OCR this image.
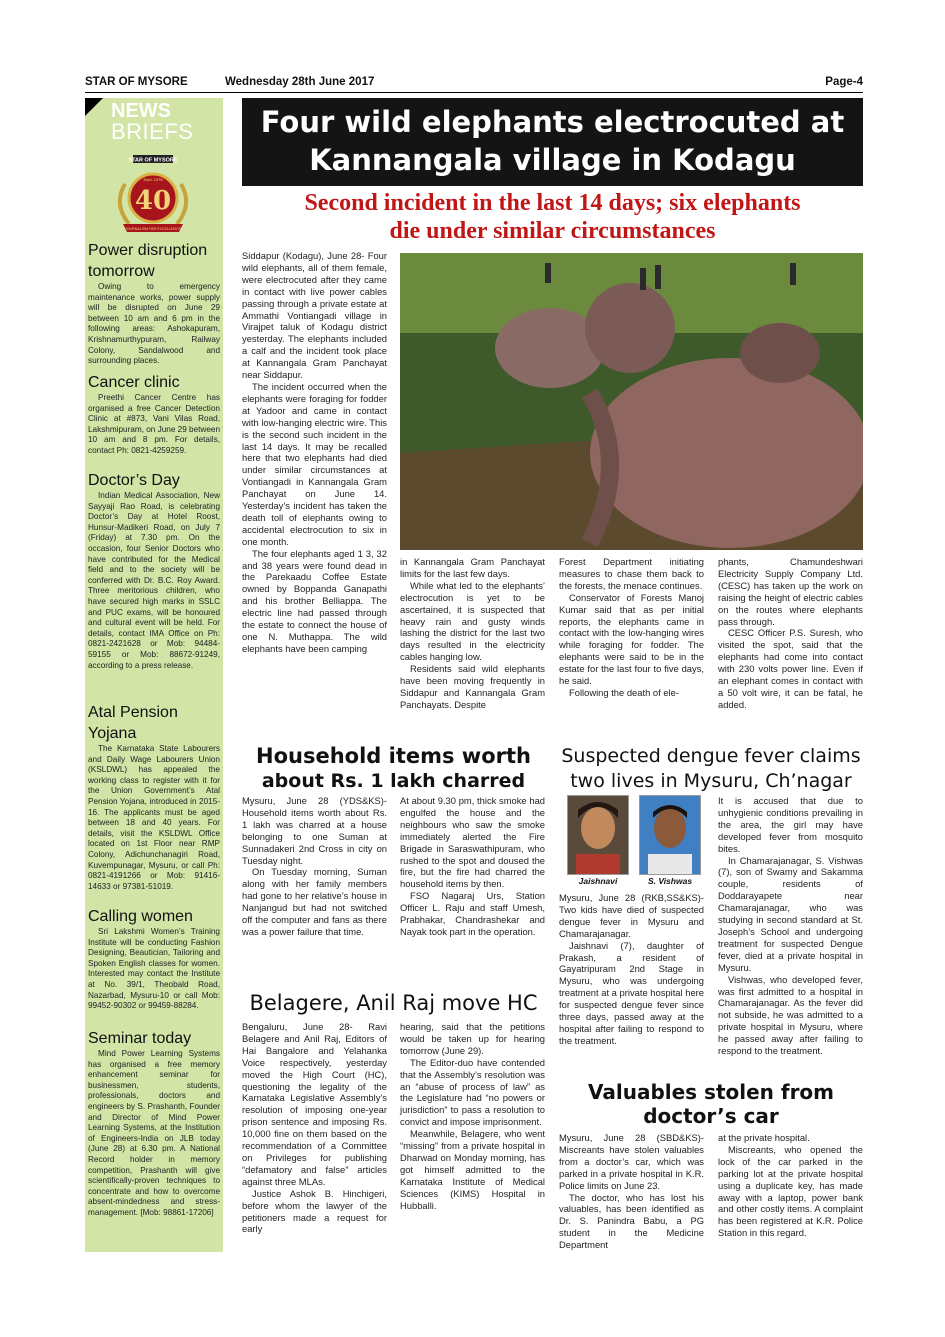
STAR OF MYSORE	Wednesday 28th June 2017	Page-4
NEWS
BRIEFS
STAR OF MYSORE
Estd. 1978
40
JOURNALISM PAR EXCELLENCE
Power disruption tomorrow

Owing to emergency maintenance works, power supply will be disrupted on June 29 between 10 am and 6 pm in the following areas: Ashokapuram, Krishnamurthypuram, Railway Colony, Sandalwood and surrounding places.

Cancer clinic

Preethi Cancer Centre has organised a free Cancer Detection Clinic at #873, Vani Vilas Road, Lakshmipuram, on June 29 between 10 am and 8 pm. For details, contact Ph: 0821-4259259.

Doctor’s Day

Indian Medical Association, New Sayyaji Rao Road, is celebrating Doctor’s Day at Hotel Roost, Hunsur-Madikeri Road, on July 7 (Friday) at 7.30 pm. On the occasion, four Senior Doctors who have contributed for the Medical field and to the society will be conferred with Dr. B.C. Roy Award. Three meritorious children, who have secured high marks in SSLC and PUC exams, will be honoured and cultural event will be held. For details, contact IMA Office on Ph: 0821-2421628 or Mob: 94484-59155 or Mob: 88672-91249, according to a press release.

Atal Pension Yojana

The Karnataka State Labourers and Daily Wage Labourers Union (KSLDWL) has appealed the working class to register with it for the Union Government’s Atal Pension Yojana, introduced in 2015-16. The applicants must be aged between 18 and 40 years. For details, visit the KSLDWL Office located on 1st Floor near RMP Colony, Adichunchanagiri Road, Kuvempunagar, Mysuru, or call Ph: 0821-4191266 or Mob: 91416-14633 or 97381-51019.

Calling women

Sri Lakshmi Women’s Training Institute will be conducting Fashion Designing, Beautician, Tailoring and Spoken English classes for women. Interested may contact the Institute at No. 39/1, Theobald Road, Nazarbad, Mysuru-10 or call Mob: 99452-90302 or 99459-88284.

Seminar today

Mind Power Learning Systems has organised a free memory enhancement seminar for businessmen, students, professionals, doctors and engineers by S. Prashanth, Founder and Director of Mind Power Learning Systems, at the Institution of Engineers-India on JLB today (June 28) at 6.30 pm. A National Record holder in memory competition, Prashanth will give scientifically-proven techniques to concentrate and how to overcome absent-mindedness and stress-management. [Mob: 98861-17206]

Four wild elephants electrocuted at
Kannangala village in Kodagu
Second incident in the last 14 days; six elephants
die under similar circumstances

Siddapur (Kodagu), June 28- Four wild elephants, all of them female, were electrocuted after they came in contact with live power cables passing through a private estate at Ammathi Vontiangadi village in Virajpet taluk of Kodagu district yesterday. The elephants included a calf and the incident took place at Kannangala Gram Panchayat near Siddapur.

The incident occurred when the elephants were foraging for fodder at Yadoor and came in contact with low-hanging electric wire. This is the second such incident in the last 14 days. It may be recalled here that two elephants had died under similar circumstances at Vontiangadi in Kannangala Gram Panchayat on June 14. Yesterday’s incident has taken the death toll of elephants owing to accidental electrocution to six in one month.

The four elephants aged 1 3, 32 and 38 years were found dead in the Parekaadu Coffee Estate owned by Boppanda Ganapathi and his brother Belliappa. The electric line had passed through the estate to connect the house of one N. Muthappa. The wild elephants have been camping

in Kannangala Gram Panchayat limits for the last few days.

While what led to the elephants’ electrocution is yet to be ascertained, it is suspected that heavy rain and gusty winds lashing the district for the last two days resulted in the electricity cables hanging low.

Residents said wild elephants have been moving frequently in Siddapur and Kannangala Gram Panchayats. Despite

Forest Department initiating measures to chase them back to the forests, the menace continues.

Conservator of Forests Manoj Kumar said that as per initial reports, the elephants came in contact with the low-hanging wires while foraging for fodder. The elephants were said to be in the estate for the last four to five days, he said.

Following the death of ele-

phants, Chamundeshwari Electricity Supply Company Ltd. (CESC) has taken up the work on raising the height of electric cables on the routes where elephants pass through.

CESC Officer P.S. Suresh, who visited the spot, said that the elephants had come into contact with 230 volts power line. Even if an elephant comes in contact with a 50 volt wire, it can be fatal, he added.

Household items worth
about Rs. 1 lakh charred

Mysuru, June 28 (YDS&KS)- Household items worth about Rs. 1 lakh was charred at a house belonging to one Suman at Sunnadakeri 2nd Cross in city on Tuesday night.

On Tuesday morning, Suman along with her family members had gone to her relative’s house in Nanjangud but had not switched off the computer and fans as there was a power failure that time.

At about 9.30 pm, thick smoke had engulfed the house and the neighbours who saw the smoke immediately alerted the Fire Brigade in Saraswathipuram, who rushed to the spot and doused the fire, but the fire had charred the household items by then.

FSO Nagaraj Urs, Station Officer L. Raju and staff Umesh, Prabhakar, Chandrashekar and Nayak took part in the operation.

Belagere, Anil Raj move HC

Bengaluru, June 28- Ravi Belagere and Anil Raj, Editors of Hai Bangalore and Yelahanka Voice respectively, yesterday moved the High Court (HC), questioning the legality of the Karnataka Legislative Assembly’s resolution of imposing one-year prison sentence and imposing Rs. 10,000 fine on them based on the recommendation of a Committee on Privileges for publishing “defamatory and false” articles against three MLAs.

Justice Ashok B. Hinchigeri, before whom the lawyer of the petitioners made a request for early

hearing, said that the petitions would be taken up for hearing tomorrow (June 29).

The Editor-duo have contended that the Assembly’s resolution was an “abuse of process of law” as the Legislature had “no powers or jurisdiction” to pass a resolution to convict and impose imprisonment.

Meanwhile, Belagere, who went “missing” from a private hospital in Dharwad on Monday morning, has got himself admitted to the Karnataka Institute of Medical Sciences (KIMS) Hospital in Hubballi.

Suspected dengue fever claims
two lives in Mysuru, Ch’nagar
Jaishnavi	S. Vishwas

Mysuru, June 28 (RKB,SS&KS)- Two kids have died of suspected dengue fever in Mysuru and Chamarajanagar.

Jaishnavi (7), daughter of Prakash, a resident of Gayatripuram 2nd Stage in Mysuru, who was undergoing treatment at a private hospital here for suspected dengue fever since three days, passed away at the hospital after failing to respond to the treatment.

It is accused that due to unhygienic conditions prevailing in the area, the girl may have developed fever from mosquito bites.

In Chamarajanagar, S. Vishwas (7), son of Swamy and Sakamma couple, residents of Doddarayapete near Chamarajanagar, who was studying in second standard at St. Joseph’s School and undergoing treatment for suspected Dengue fever, died at a private hospital in Mysuru.

Vishwas, who developed fever, was first admitted to a hospital in Chamarajanagar. As the fever did not subside, he was admitted to a private hospital in Mysuru, where he passed away after failing to respond to the treatment.

Valuables stolen from
doctor’s car

Mysuru, June 28 (SBD&KS)- Miscreants have stolen valuables from a doctor’s car, which was parked in a private hospital in K.R. Police limits on June 23.

The doctor, who has lost his valuables, has been identified as Dr. S. Panindra Babu, a PG student in the Medicine Department

at the private hospital.

Miscreants, who opened the lock of the car parked in the parking lot at the private hospital using a duplicate key, has made away with a laptop, power bank and other costly items. A complaint has been registered at K.R. Police Station in this regard.
